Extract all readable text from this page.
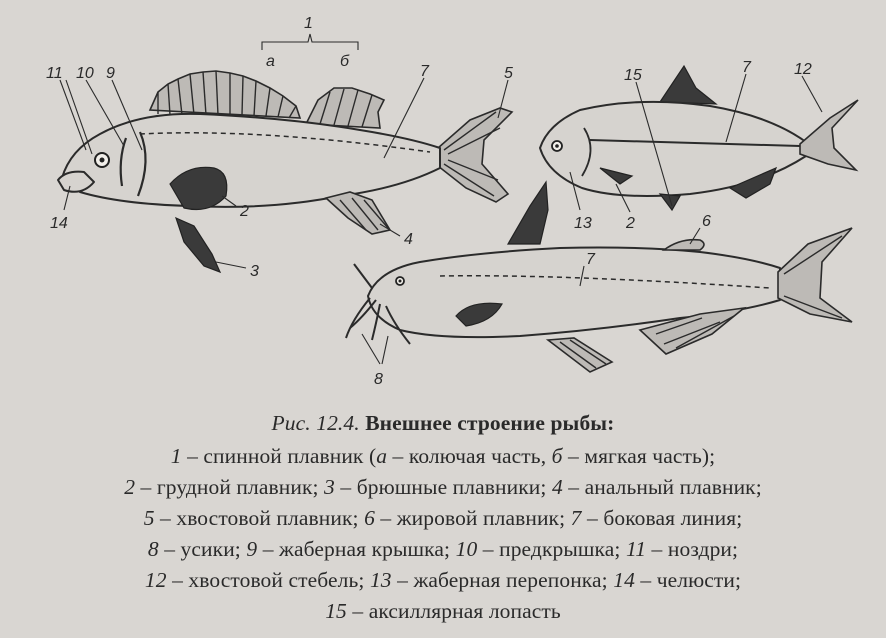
1
а	б
11 10 9
14
7	5
2
4
3
15	7	12
13 2	6
7
8
Рис. 12.4. Внешнее строение рыбы:
1 – спинной плавник (а – колючая часть, б – мягкая часть);
2 – грудной плавник; 3 – брюшные плавники; 4 – анальный плавник;
5 – хвостовой плавник; 6 – жировой плавник; 7 – боковая линия;
8 – усики; 9 – жаберная крышка; 10 – предкрышка; 11 – ноздри;
12 – хвостовой стебель; 13 – жаберная перепонка; 14 – челюсти;
15 – аксиллярная лопасть
